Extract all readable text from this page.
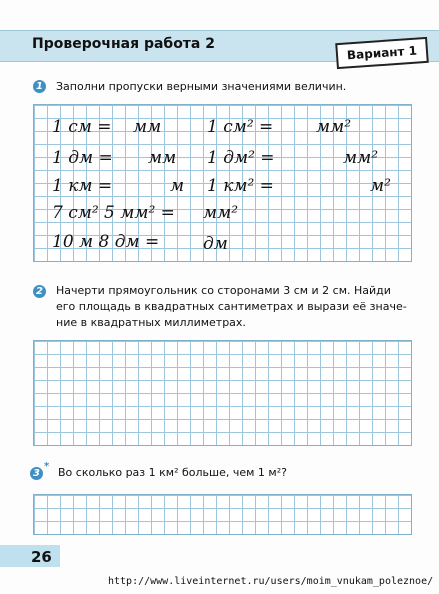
Проверочная работа 2	Вариант 1
1 Заполни пропуски верными значениями величин.
1 см = мм
1 дм = мм
1 км =	м
7 см² 5 мм² = мм²
10 м 8 дм =	дм
1 см² =	мм²
1 дм² =	мм²
1 км² =	м²
2 Начерти прямоугольник со сторонами 3 см и 2 см. Найди
его площадь в квадратных сантиметрах и вырази её значе-
ние в квадратных миллиметрах.
3
* Во сколько раз 1 км² больше, чем 1 м²?
26
http://www.liveinternet.ru/users/moim_vnukam_poleznoe/
